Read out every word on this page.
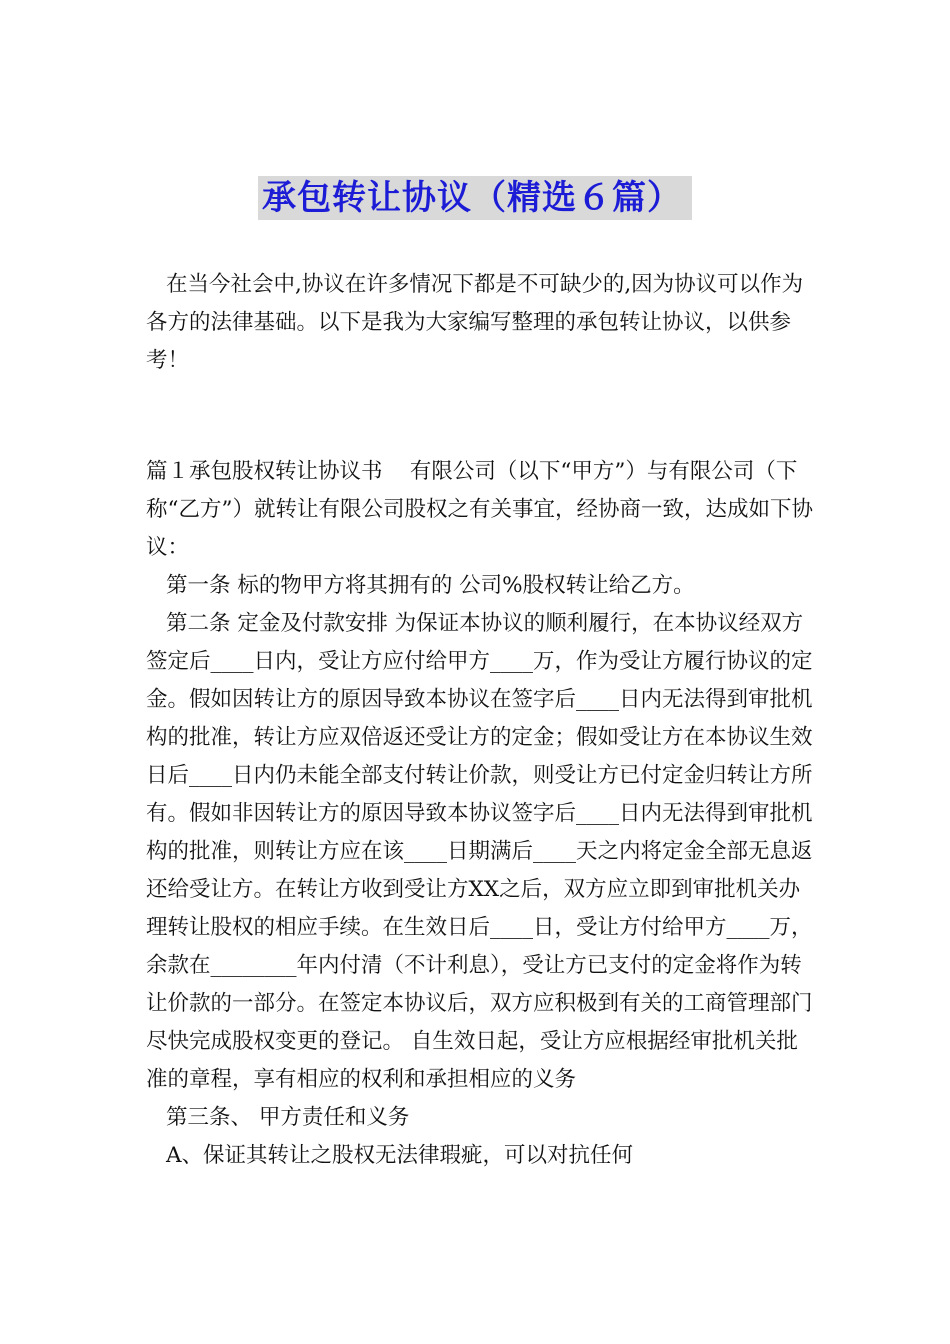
承包转让协议（精选６篇）

在当今社会中,协议在许多情况下都是不可缺少的,因为协议可以作为各方的法律基础。以下是我为大家编写整理的承包转让协议，以供参考！

篇１承包股权转让协议书    有限公司（以下“甲方”）与有限公司（下称“乙方”）就转让有限公司股权之有关事宜，经协商一致，达成如下协议：

第一条 标的物甲方将其拥有的 公司%股权转让给乙方。

第二条 定金及付款安排 为保证本协议的顺利履行，在本协议经双方签定后____日内，受让方应付给甲方____万，作为受让方履行协议的定金。假如因转让方的原因导致本协议在签字后____日内无法得到审批机构的批准，转让方应双倍返还受让方的定金；假如受让方在本协议生效日后____日内仍未能全部支付转让价款，则受让方已付定金归转让方所有。假如非因转让方的原因导致本协议签字后____日内无法得到审批机构的批准，则转让方应在该____日期满后____天之内将定金全部无息返还给受让方。在转让方收到受让方XX之后，双方应立即到审批机关办理转让股权的相应手续。在生效日后____日，受让方付给甲方____万，余款在________年内付清（不计利息），受让方已支付的定金将作为转让价款的一部分。在签定本协议后，双方应积极到有关的工商管理部门尽快完成股权变更的登记。 自生效日起，受让方应根据经审批机关批准的章程，享有相应的权利和承担相应的义务

第三条、 甲方责任和义务

A、保证其转让之股权无法律瑕疵，可以对抗任何
